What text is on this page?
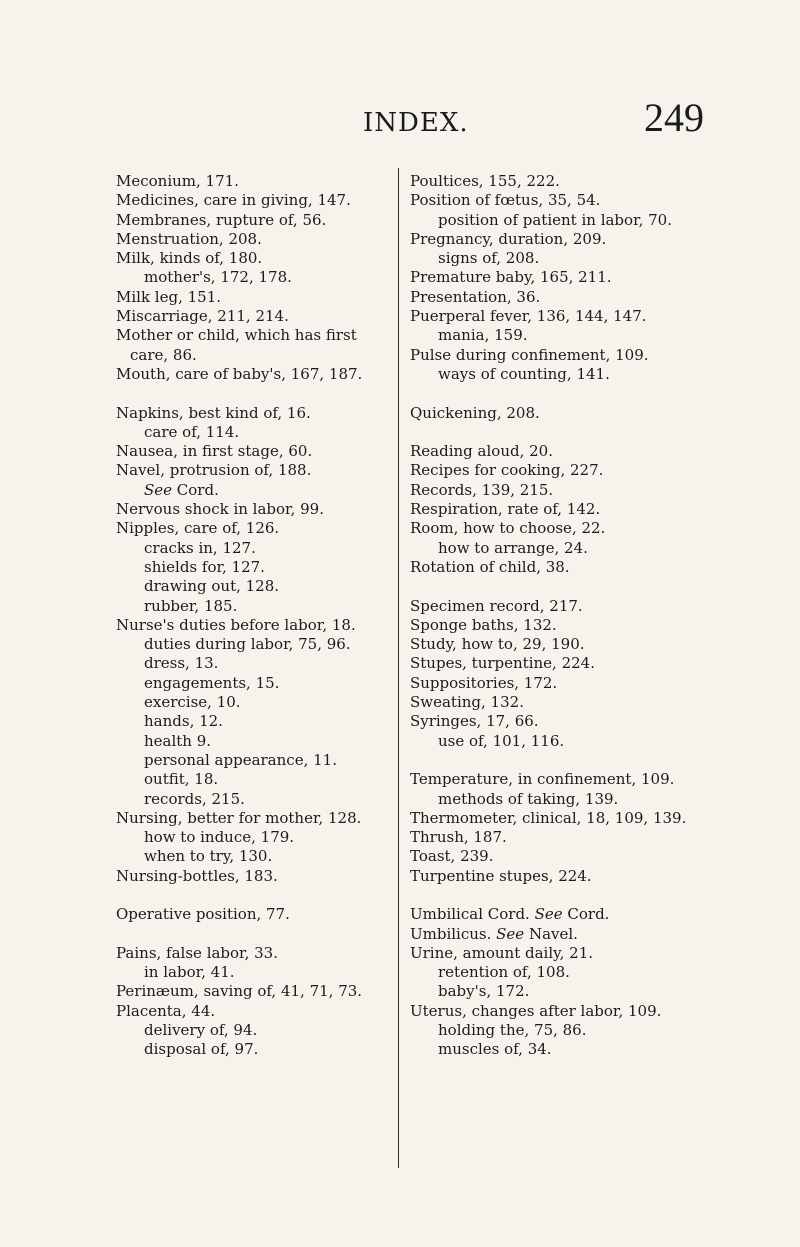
INDEX.	249
Meconium, 171.
Medicines, care in giving, 147.
Membranes, rupture of, 56.
Menstruation, 208.
Milk, kinds of, 180.
mother's, 172, 178.
Milk leg, 151.
Miscarriage, 211, 214.
Mother or child, which has first
care, 86.
Mouth, care of baby's, 167, 187.
Napkins, best kind of, 16.
care of, 114.
Nausea, in first stage, 60.
Navel, protrusion of, 188.
See Cord.
Nervous shock in labor, 99.
Nipples, care of, 126.
cracks in, 127.
shields for, 127.
drawing out, 128.
rubber, 185.
Nurse's duties before labor, 18.
duties during labor, 75, 96.
dress, 13.
engagements, 15.
exercise, 10.
hands, 12.
health 9.
personal appearance, 11.
outfit, 18.
records, 215.
Nursing, better for mother, 128.
how to induce, 179.
when to try, 130.
Nursing-bottles, 183.
Operative position, 77.
Pains, false labor, 33.
in labor, 41.
Perinæum, saving of, 41, 71, 73.
Placenta, 44.
delivery of, 94.
disposal of, 97.
Poultices, 155, 222.
Position of fœtus, 35, 54.
position of patient in labor, 70.
Pregnancy, duration, 209.
signs of, 208.
Premature baby, 165, 211.
Presentation, 36.
Puerperal fever, 136, 144, 147.
mania, 159.
Pulse during confinement, 109.
ways of counting, 141.
Quickening, 208.
Reading aloud, 20.
Recipes for cooking, 227.
Records, 139, 215.
Respiration, rate of, 142.
Room, how to choose, 22.
how to arrange, 24.
Rotation of child, 38.
Specimen record, 217.
Sponge baths, 132.
Study, how to, 29, 190.
Stupes, turpentine, 224.
Suppositories, 172.
Sweating, 132.
Syringes, 17, 66.
use of, 101, 116.
Temperature, in confinement, 109.
methods of taking, 139.
Thermometer, clinical, 18, 109, 139.
Thrush, 187.
Toast, 239.
Turpentine stupes, 224.
Umbilical Cord. See Cord.
Umbilicus. See Navel.
Urine, amount daily, 21.
retention of, 108.
baby's, 172.
Uterus, changes after labor, 109.
holding the, 75, 86.
muscles of, 34.
